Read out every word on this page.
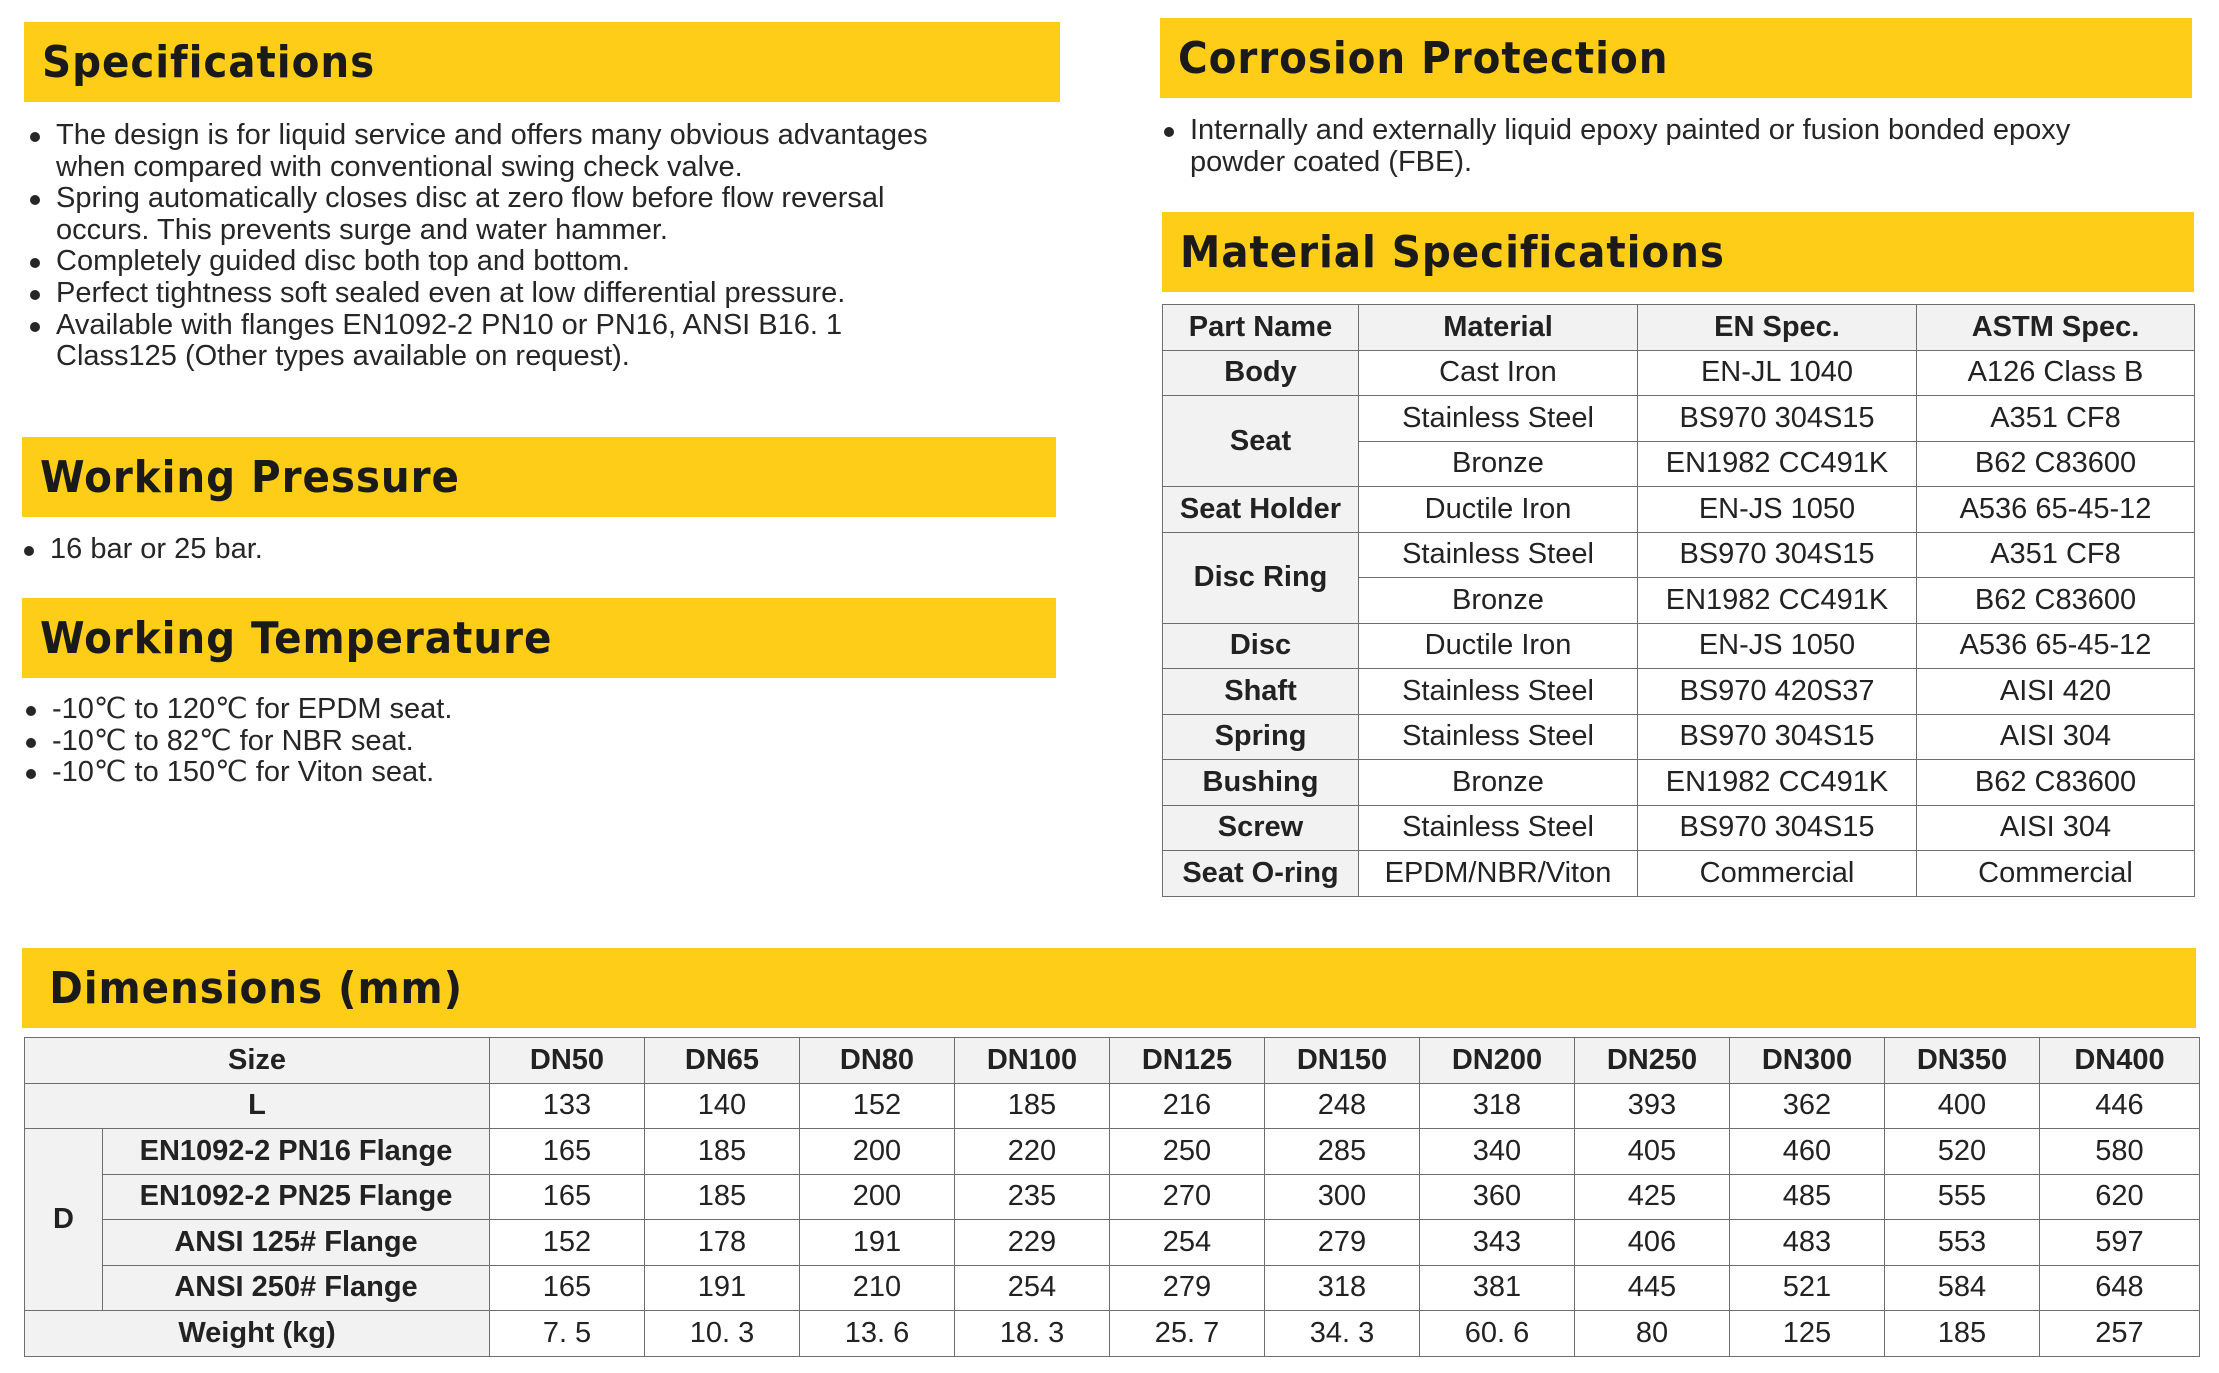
Specifications
The design is for liquid service and offers many obvious advantages
when compared with conventional swing check valve.
Spring automatically closes disc at zero flow before flow reversal
occurs. This prevents surge and water hammer.
Completely guided disc both top and bottom.
Perfect tightness soft sealed even at low differential pressure.
Available with flanges EN1092-2 PN10 or PN16, ANSI B16. 1
Class125 (Other types available on request).
Working Pressure
16 bar or 25 bar.
Working Temperature
-10℃ to 120℃ for EPDM seat.
-10℃ to 82℃ for NBR seat.
-10℃ to 150℃ for Viton seat.
Corrosion Protection
Internally and externally liquid epoxy painted or fusion bonded epoxy
powder coated (FBE).
Material Specifications
Part Name	Material	EN Spec.	ASTM Spec.
Body	Cast Iron	EN-JL 1040	A126 Class B
Seat	Stainless Steel	BS970 304S15	A351 CF8
	Bronze	EN1982 CC491K	B62 C83600
Seat Holder	Ductile Iron	EN-JS 1050	A536 65-45-12
Disc Ring	Stainless Steel	BS970 304S15	A351 CF8
	Bronze	EN1982 CC491K	B62 C83600
Disc	Ductile Iron	EN-JS 1050	A536 65-45-12
Shaft	Stainless Steel	BS970 420S37	AISI 420
Spring	Stainless Steel	BS970 304S15	AISI 304
Bushing	Bronze	EN1982 CC491K	B62 C83600
Screw	Stainless Steel	BS970 304S15	AISI 304
Seat O-ring	EPDM/NBR/Viton	Commercial	Commercial
Dimensions (mm)
Size		DN50	DN65	DN80	DN100	DN125	DN150	DN200	DN250	DN300	DN350	DN400
L		133	140	152	185	216	248	318	393	362	400	446
D	EN1092-2 PN16 Flange	165	185	200	220	250	285	340	405	460	520	580
	EN1092-2 PN25 Flange	165	185	200	235	270	300	360	425	485	555	620
	ANSI 125# Flange	152	178	191	229	254	279	343	406	483	553	597
	ANSI 250# Flange	165	191	210	254	279	318	381	445	521	584	648
Weight (kg)		7. 5	10. 3	13. 6	18. 3	25. 7	34. 3	60. 6	80	125	185	257
